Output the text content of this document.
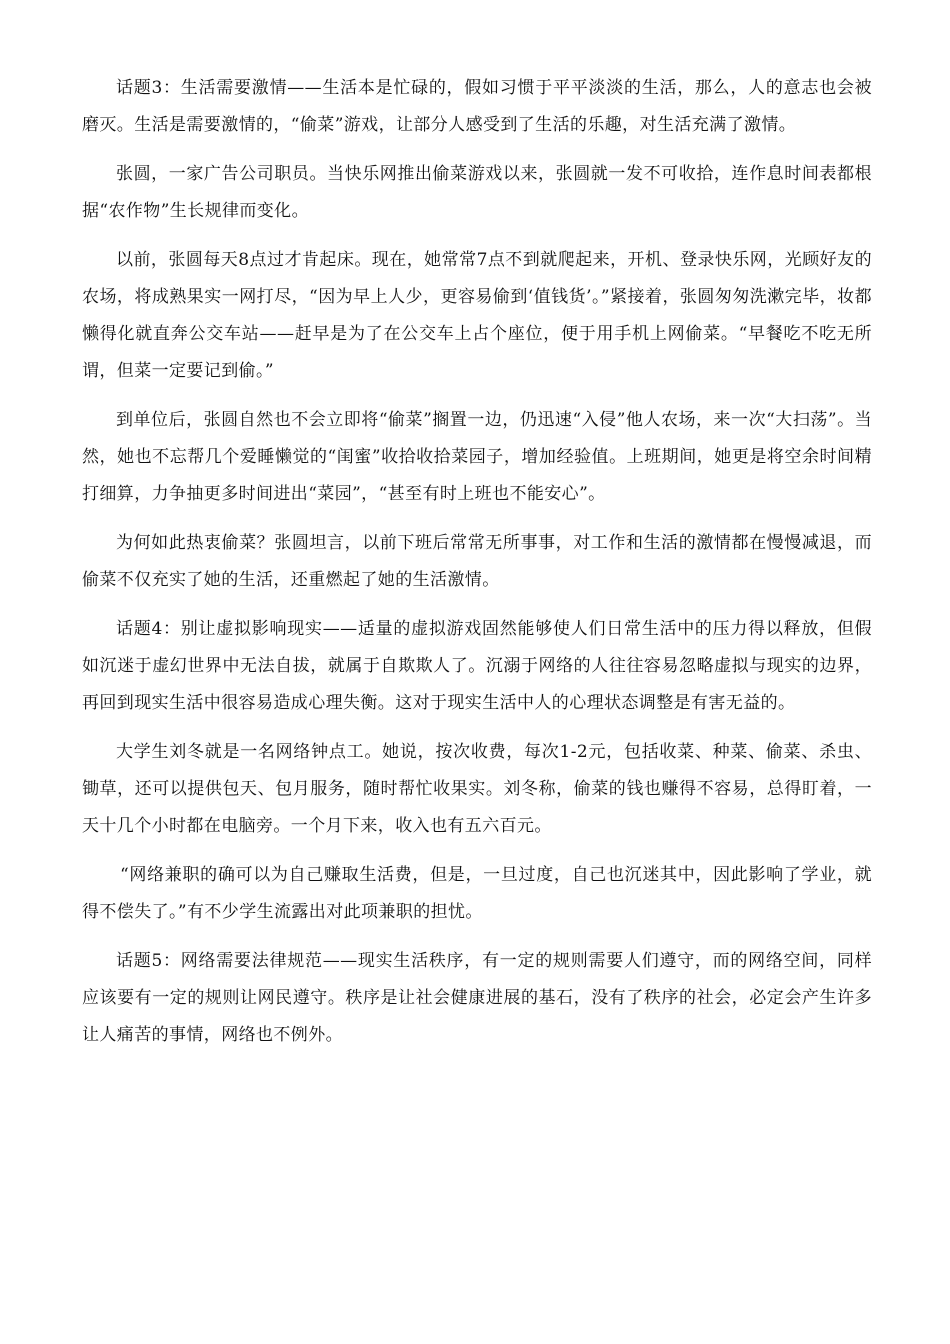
话题3：生活需要激情——生活本是忙碌的，假如习惯于平平淡淡的生活，那么，人的意志也会被磨灭。生活是需要激情的，“偷菜”游戏，让部分人感受到了生活的乐趣，对生活充满了激情。

张圆，一家广告公司职员。当快乐网推出偷菜游戏以来，张圆就一发不可收拾，连作息时间表都根据“农作物”生长规律而变化。

以前，张圆每天8点过才肯起床。现在，她常常7点不到就爬起来，开机、登录快乐网，光顾好友的农场，将成熟果实一网打尽，“因为早上人少，更容易偷到‘值钱货’。”紧接着，张圆匆匆洗漱完毕，妆都懒得化就直奔公交车站——赶早是为了在公交车上占个座位，便于用手机上网偷菜。“早餐吃不吃无所谓，但菜一定要记到偷。”

到单位后，张圆自然也不会立即将“偷菜”搁置一边，仍迅速“入侵”他人农场，来一次“大扫荡”。当然，她也不忘帮几个爱睡懒觉的“闺蜜”收拾收拾菜园子，增加经验值。上班期间，她更是将空余时间精打细算，力争抽更多时间进出“菜园”，“甚至有时上班也不能安心”。

为何如此热衷偷菜？张圆坦言，以前下班后常常无所事事，对工作和生活的激情都在慢慢减退，而偷菜不仅充实了她的生活，还重燃起了她的生活激情。

话题4：别让虚拟影响现实——适量的虚拟游戏固然能够使人们日常生活中的压力得以释放，但假如沉迷于虚幻世界中无法自拔，就属于自欺欺人了。沉溺于网络的人往往容易忽略虚拟与现实的边界，再回到现实生活中很容易造成心理失衡。这对于现实生活中人的心理状态调整是有害无益的。

大学生刘冬就是一名网络钟点工。她说，按次收费，每次1-2元，包括收菜、种菜、偷菜、杀虫、锄草，还可以提供包天、包月服务，随时帮忙收果实。刘冬称，偷菜的钱也赚得不容易，总得盯着，一天十几个小时都在电脑旁。一个月下来，收入也有五六百元。

“网络兼职的确可以为自己赚取生活费，但是，一旦过度，自己也沉迷其中，因此影响了学业，就得不偿失了。”有不少学生流露出对此项兼职的担忧。

话题5：网络需要法律规范——现实生活秩序，有一定的规则需要人们遵守，而的网络空间，同样应该要有一定的规则让网民遵守。秩序是让社会健康进展的基石，没有了秩序的社会，必定会产生许多让人痛苦的事情，网络也不例外。
